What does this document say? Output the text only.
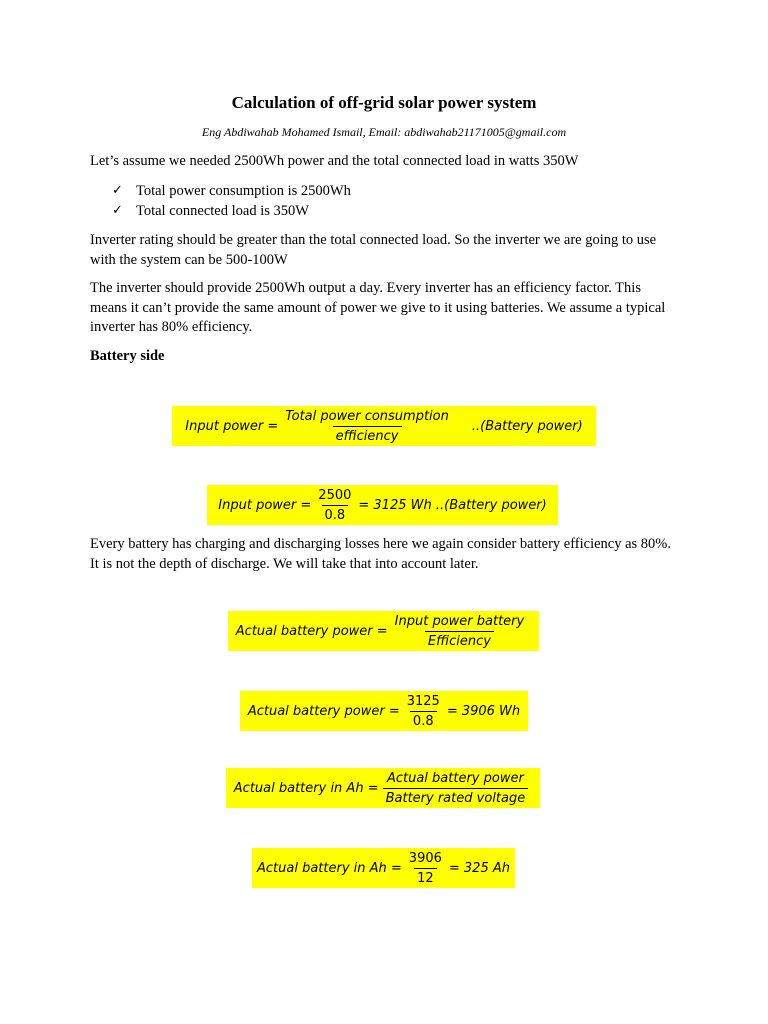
Calculation of off-grid solar power system
Eng Abdiwahab Mohamed Ismail, Email: abdiwahab21171005@gmail.com

Let’s assume we needed 2500Wh power and the total connected load in watts 350W

✓ Total power consumption is 2500Wh
✓ Total connected load is 350W

Inverter rating should be greater than the total connected load. So the inverter we are going to use with the system can be 500-100W

The inverter should provide 2500Wh output a day. Every inverter has an efficiency factor. This means it can’t provide the same amount of power we give to it using batteries. We assume a typical inverter has 80% efficiency.

Battery side
Input power = $\frac{\text{Total power consumption}}{\text{efficiency}}$ ..(Battery power)
Input power = $\frac{2500}{0.8} = 3125$ Wh ..(Battery power)

Every battery has charging and discharging losses here we again consider battery efficiency as 80%. It is not the depth of discharge. We will take that into account later.

Actual battery power = $\frac{\text{Input power battery}}{\text{Efficiency}}$
Actual battery power = $\frac{3125}{0.8} = 3906$ Wh
Actual battery in $Ah = \frac{\text{Actual battery power}}{\text{Battery rated voltage}}$
Actual battery in $Ah = \frac{3906}{12} = 325$ Ah
